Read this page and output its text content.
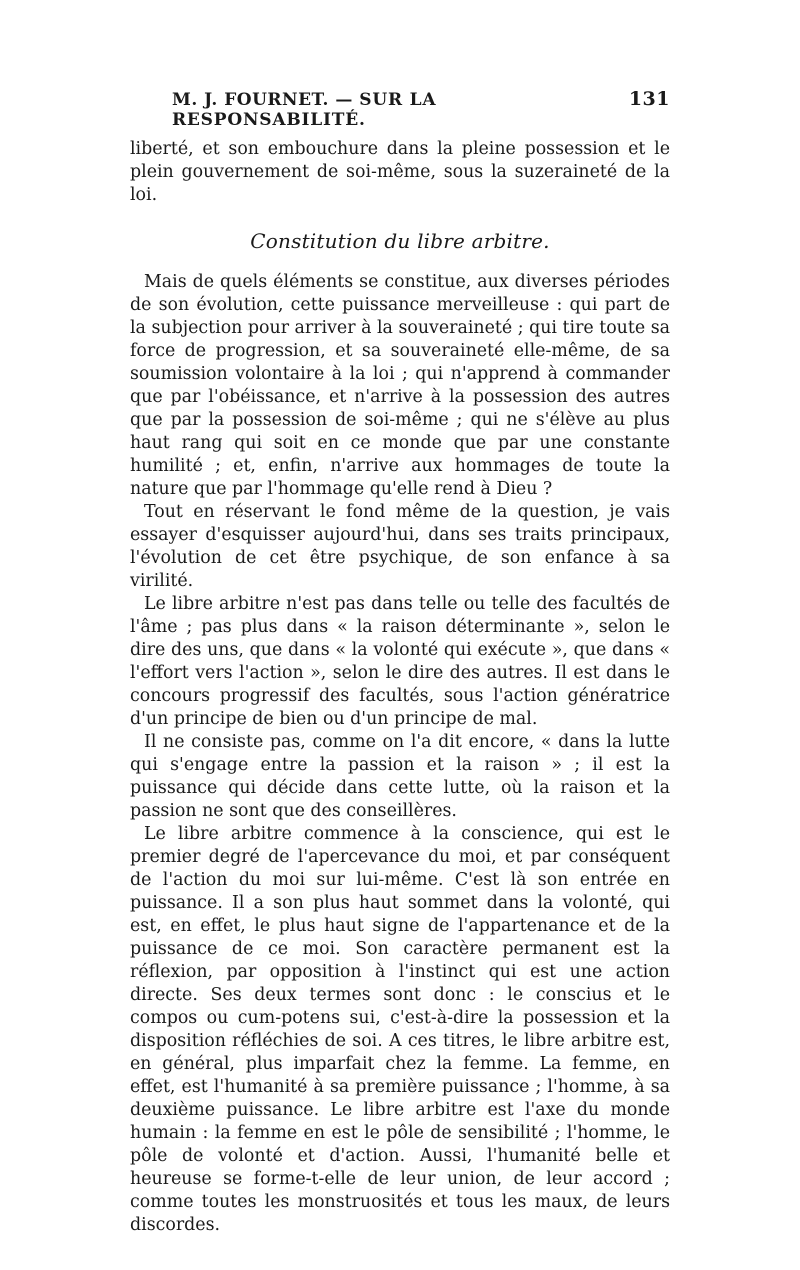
M. J. FOURNET. — SUR LA RESPONSABILITÉ.
131

liberté, et son embouchure dans la pleine possession et le plein gouvernement de soi-même, sous la suzeraineté de la loi.

Constitution du libre arbitre.

Mais de quels éléments se constitue, aux diverses périodes de son évolution, cette puissance merveilleuse : qui part de la subjection pour arriver à la souveraineté ; qui tire toute sa force de progression, et sa souveraineté elle-même, de sa soumission volontaire à la loi ; qui n'apprend à commander que par l'obéissance, et n'arrive à la possession des autres que par la possession de soi-même ; qui ne s'élève au plus haut rang qui soit en ce monde que par une constante humilité ; et, enfin, n'arrive aux hommages de toute la nature que par l'hommage qu'elle rend à Dieu ?

Tout en réservant le fond même de la question, je vais essayer d'esquisser aujourd'hui, dans ses traits principaux, l'évolution de cet être psychique, de son enfance à sa virilité.

Le libre arbitre n'est pas dans telle ou telle des facultés de l'âme ; pas plus dans « la raison déterminante », selon le dire des uns, que dans « la volonté qui exécute », que dans « l'effort vers l'action », selon le dire des autres. Il est dans le concours progressif des facultés, sous l'action génératrice d'un principe de bien ou d'un principe de mal.

Il ne consiste pas, comme on l'a dit encore, « dans la lutte qui s'engage entre la passion et la raison » ; il est la puissance qui décide dans cette lutte, où la raison et la passion ne sont que des conseillères.

Le libre arbitre commence à la conscience, qui est le premier degré de l'apercevance du moi, et par conséquent de l'action du moi sur lui-même. C'est là son entrée en puissance. Il a son plus haut sommet dans la volonté, qui est, en effet, le plus haut signe de l'appartenance et de la puissance de ce moi. Son caractère permanent est la réflexion, par opposition à l'instinct qui est une action directe. Ses deux termes sont donc : le conscius et le compos ou cum-potens sui, c'est-à-dire la possession et la disposition réfléchies de soi. A ces titres, le libre arbitre est, en général, plus imparfait chez la femme. La femme, en effet, est l'humanité à sa première puissance ; l'homme, à sa deuxième puissance. Le libre arbitre est l'axe du monde humain : la femme en est le pôle de sensibilité ; l'homme, le pôle de volonté et d'action. Aussi, l'humanité belle et heureuse se forme-t-elle de leur union, de leur accord ; comme toutes les monstruosités et tous les maux, de leurs discordes.
